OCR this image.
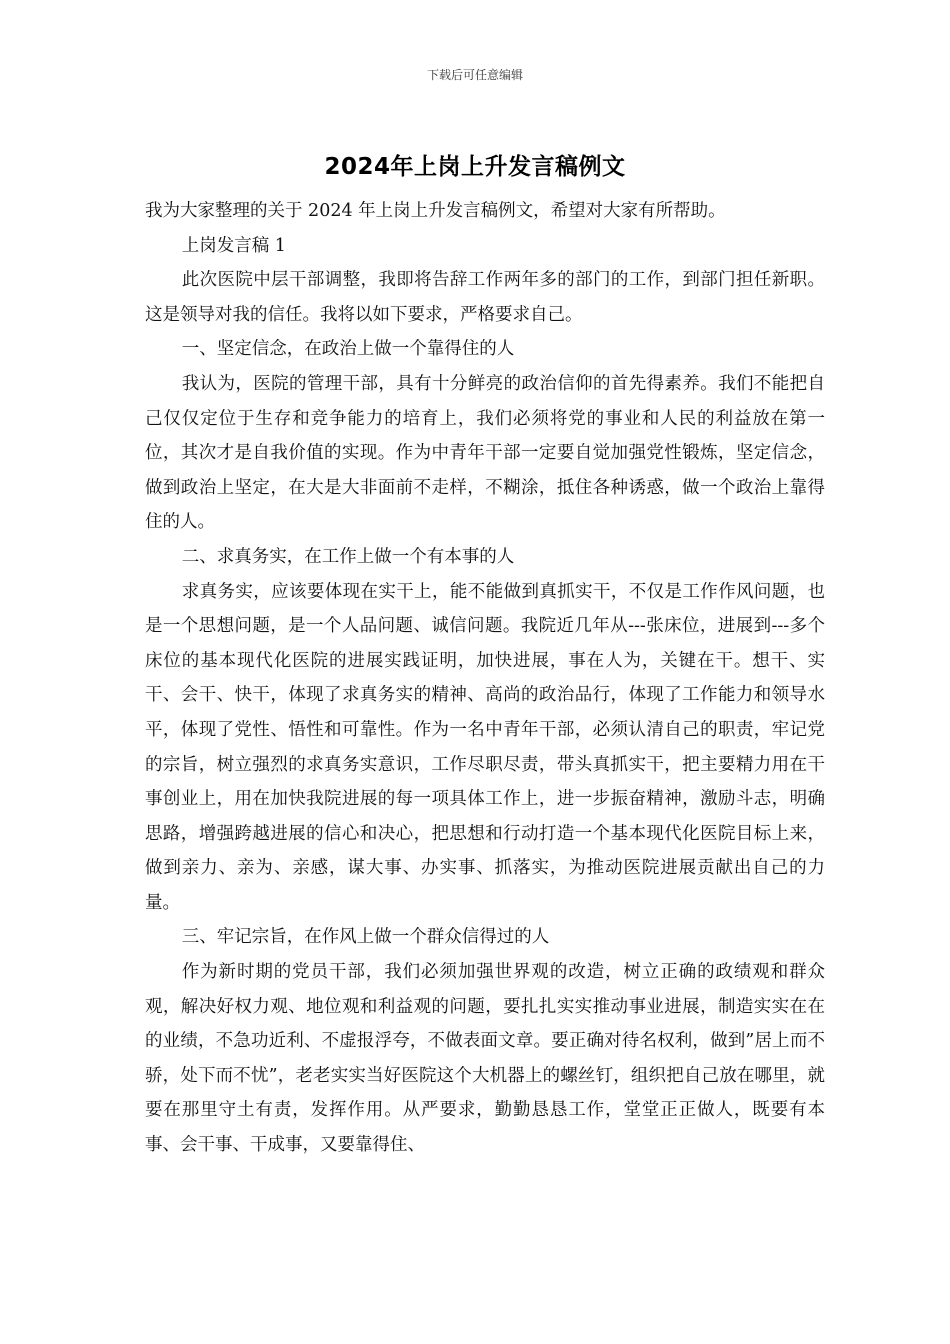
下载后可任意编辑
2024年上岗上升发言稿例文

我为大家整理的关于 2024 年上岗上升发言稿例文，希望对大家有所帮助。

上岗发言稿 1

此次医院中层干部调整，我即将告辞工作两年多的部门的工作，到部门担任新职。这是领导对我的信任。我将以如下要求，严格要求自己。

一、坚定信念，在政治上做一个靠得住的人

我认为，医院的管理干部，具有十分鲜亮的政治信仰的首先得素养。我们不能把自己仅仅定位于生存和竞争能力的培育上，我们必须将党的事业和人民的利益放在第一位，其次才是自我价值的实现。作为中青年干部一定要自觉加强党性锻炼，坚定信念，做到政治上坚定，在大是大非面前不走样，不糊涂，抵住各种诱惑，做一个政治上靠得住的人。

二、求真务实，在工作上做一个有本事的人

求真务实，应该要体现在实干上，能不能做到真抓实干，不仅是工作作风问题，也是一个思想问题，是一个人品问题、诚信问题。我院近几年从---张床位，进展到---多个床位的基本现代化医院的进展实践证明，加快进展，事在人为，关键在干。想干、实干、会干、快干，体现了求真务实的精神、高尚的政治品行，体现了工作能力和领导水平，体现了党性、悟性和可靠性。作为一名中青年干部，必须认清自己的职责，牢记党的宗旨，树立强烈的求真务实意识，工作尽职尽责，带头真抓实干，把主要精力用在干事创业上，用在加快我院进展的每一项具体工作上，进一步振奋精神，激励斗志，明确思路，增强跨越进展的信心和决心，把思想和行动打造一个基本现代化医院目标上来，做到亲力、亲为、亲感，谋大事、办实事、抓落实，为推动医院进展贡献出自己的力量。

三、牢记宗旨，在作风上做一个群众信得过的人

作为新时期的党员干部，我们必须加强世界观的改造，树立正确的政绩观和群众观，解决好权力观、地位观和利益观的问题，要扎扎实实推动事业进展，制造实实在在的业绩，不急功近利、不虚报浮夸，不做表面文章。要正确对待名权利，做到”居上而不骄，处下而不忧”，老老实实当好医院这个大机器上的螺丝钉，组织把自己放在哪里，就要在那里守土有责，发挥作用。从严要求，勤勤恳恳工作，堂堂正正做人，既要有本事、会干事、干成事，又要靠得住、
